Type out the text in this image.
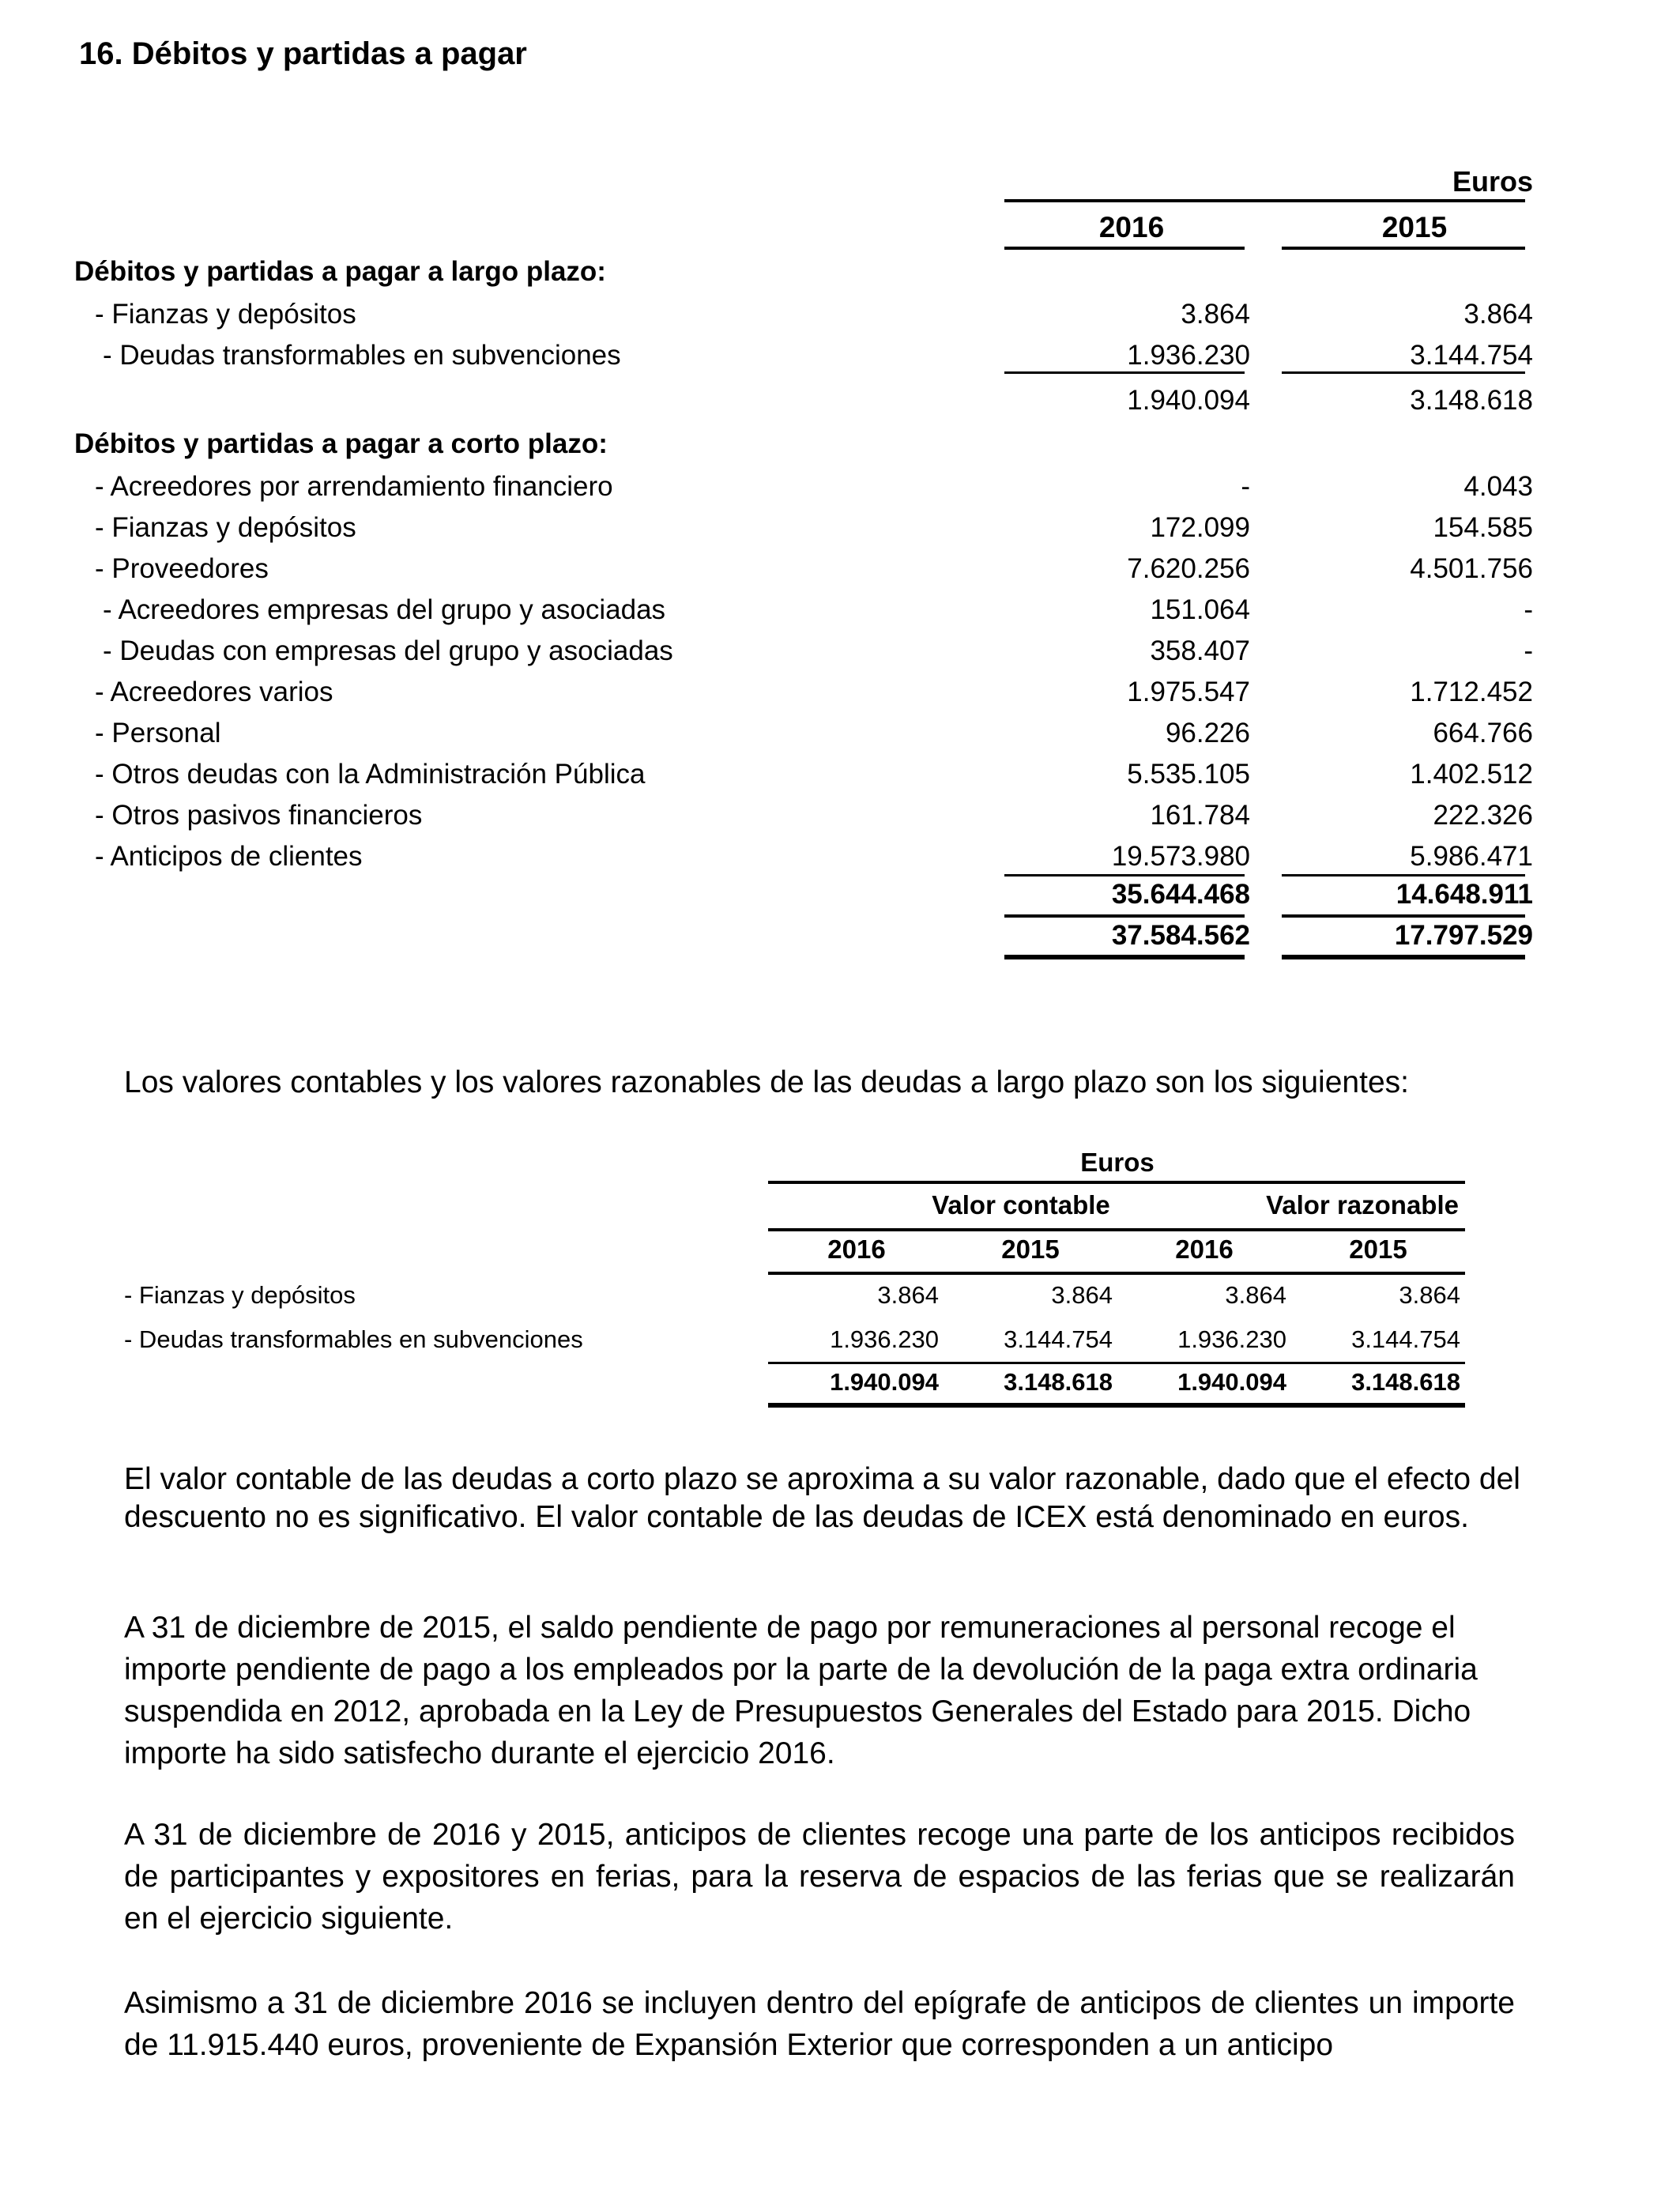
16. Débitos y partidas a pagar
Euros
2016	2015
Débitos y partidas a pagar a largo plazo:
- Fianzas y depósitos	3.864	3.864
- Deudas transformables en subvenciones	1.936.230	3.144.754
1.940.094	3.148.618
Débitos y partidas a pagar a corto plazo:
- Acreedores por arrendamiento financiero	-	4.043
- Fianzas y depósitos	172.099	154.585
- Proveedores	7.620.256	4.501.756
- Acreedores empresas del grupo y asociadas	151.064	-
- Deudas con empresas del grupo y asociadas	358.407	-
- Acreedores varios	1.975.547	1.712.452
- Personal	96.226	664.766
- Otros deudas con la Administración Pública	5.535.105	1.402.512
- Otros pasivos financieros	161.784	222.326
- Anticipos de clientes	19.573.980	5.986.471
35.644.468	14.648.911
37.584.562	17.797.529
Los valores contables y los valores razonables de las deudas a largo plazo son los siguientes:
Euros
Valor contable	Valor razonable
2016	2015	2016	2015
- Fianzas y depósitos	3.864	3.864	3.864	3.864
- Deudas transformables en subvenciones	1.936.230	3.144.754	1.936.230	3.144.754
1.940.094	3.148.618	1.940.094	3.148.618

El valor contable de las deudas a corto plazo se aproxima a su valor razonable, dado que el efecto del descuento no es significativo. El valor contable de las deudas de ICEX está denominado en euros.

A 31 de diciembre de 2015, el saldo pendiente de pago por remuneraciones al personal recoge el importe pendiente de pago a los empleados por la parte de la devolución de la paga extra ordinaria suspendida en 2012, aprobada en la Ley de Presupuestos Generales del Estado para 2015. Dicho importe ha sido satisfecho durante el ejercicio 2016.

A 31 de diciembre de 2016 y 2015, anticipos de clientes recoge una parte de los anticipos recibidos de participantes y expositores en ferias, para la reserva de espacios de las ferias que se realizarán en el ejercicio siguiente.

Asimismo a 31 de diciembre 2016 se incluyen dentro del epígrafe de anticipos de clientes un importe de 11.915.440 euros, proveniente de Expansión Exterior que corresponden a un anticipo
